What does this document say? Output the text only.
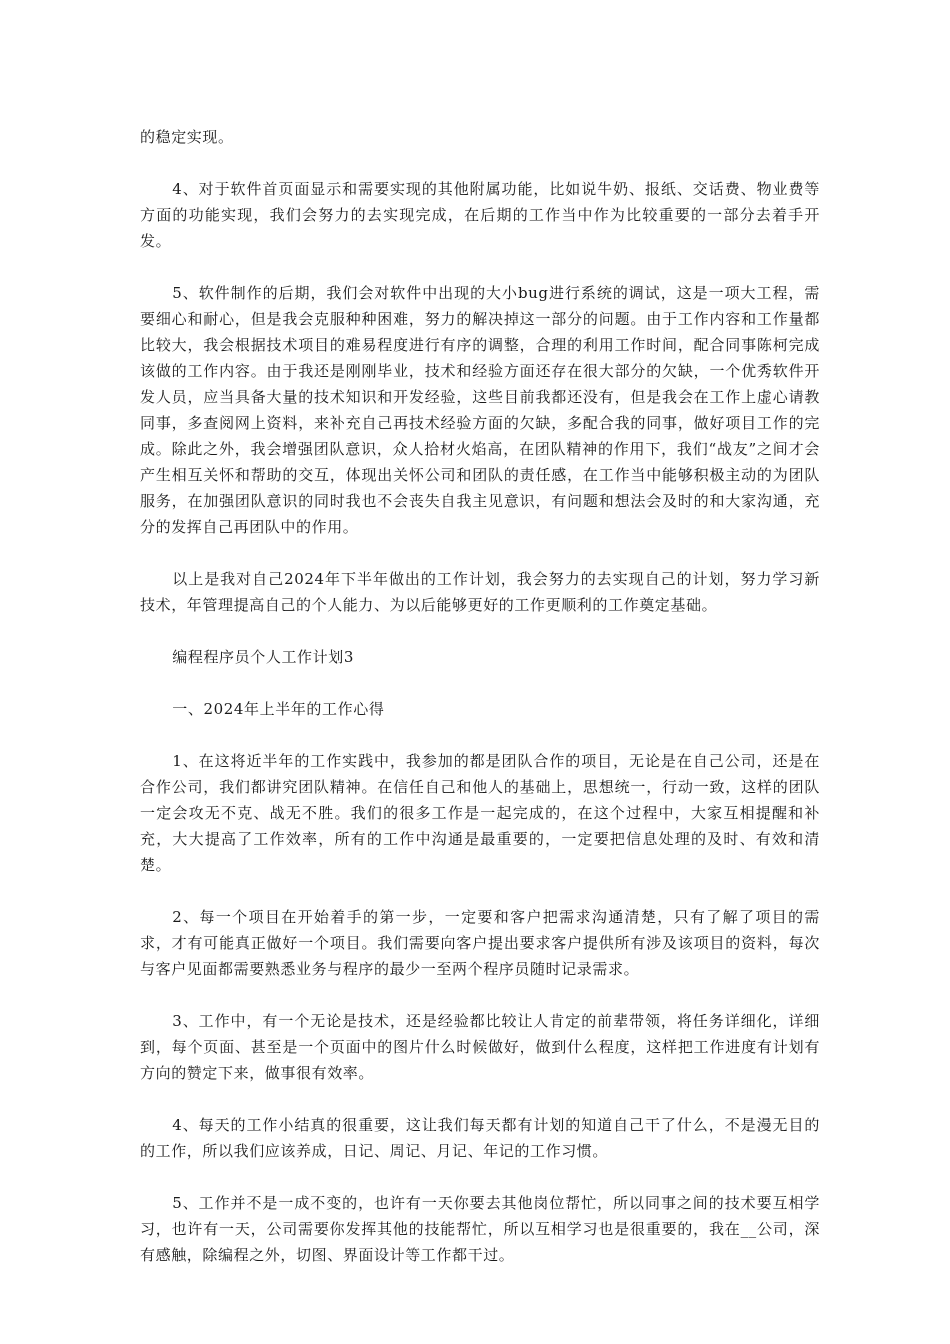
的稳定实现。

4、对于软件首页面显示和需要实现的其他附属功能，比如说牛奶、报纸、交话费、物业费等方面的功能实现，我们会努力的去实现完成，在后期的工作当中作为比较重要的一部分去着手开发。

5、软件制作的后期，我们会对软件中出现的大小bug进行系统的调试，这是一项大工程，需要细心和耐心，但是我会克服种种困难，努力的解决掉这一部分的问题。由于工作内容和工作量都比较大，我会根据技术项目的难易程度进行有序的调整，合理的利用工作时间，配合同事陈柯完成该做的工作内容。由于我还是刚刚毕业，技术和经验方面还存在很大部分的欠缺，一个优秀软件开发人员，应当具备大量的技术知识和开发经验，这些目前我都还没有，但是我会在工作上虚心请教同事，多查阅网上资料，来补充自己再技术经验方面的欠缺，多配合我的同事，做好项目工作的完成。除此之外，我会增强团队意识，众人拾材火焰高，在团队精神的作用下，我们“战友”之间才会产生相互关怀和帮助的交互，体现出关怀公司和团队的责任感，在工作当中能够积极主动的为团队服务，在加强团队意识的同时我也不会丧失自我主见意识，有问题和想法会及时的和大家沟通，充分的发挥自己再团队中的作用。

以上是我对自己2024年下半年做出的工作计划，我会努力的去实现自己的计划，努力学习新技术，年管理提高自己的个人能力、为以后能够更好的工作更顺利的工作奠定基础。

编程程序员个人工作计划3

一、2024年上半年的工作心得

1、在这将近半年的工作实践中，我参加的都是团队合作的项目，无论是在自己公司，还是在合作公司，我们都讲究团队精神。在信任自己和他人的基础上，思想统一，行动一致，这样的团队一定会攻无不克、战无不胜。我们的很多工作是一起完成的，在这个过程中，大家互相提醒和补充，大大提高了工作效率，所有的工作中沟通是最重要的，一定要把信息处理的及时、有效和清楚。

2、每一个项目在开始着手的第一步，一定要和客户把需求沟通清楚，只有了解了项目的需求，才有可能真正做好一个项目。我们需要向客户提出要求客户提供所有涉及该项目的资料，每次与客户见面都需要熟悉业务与程序的最少一至两个程序员随时记录需求。

3、工作中，有一个无论是技术，还是经验都比较让人肯定的前辈带领，将任务详细化，详细到，每个页面、甚至是一个页面中的图片什么时候做好，做到什么程度，这样把工作进度有计划有方向的赞定下来，做事很有效率。

4、每天的工作小结真的很重要，这让我们每天都有计划的知道自己干了什么，不是漫无目的的工作，所以我们应该养成，日记、周记、月记、年记的工作习惯。

5、工作并不是一成不变的，也许有一天你要去其他岗位帮忙，所以同事之间的技术要互相学习，也许有一天，公司需要你发挥其他的技能帮忙，所以互相学习也是很重要的，我在__公司，深有感触，除编程之外，切图、界面设计等工作都干过。
